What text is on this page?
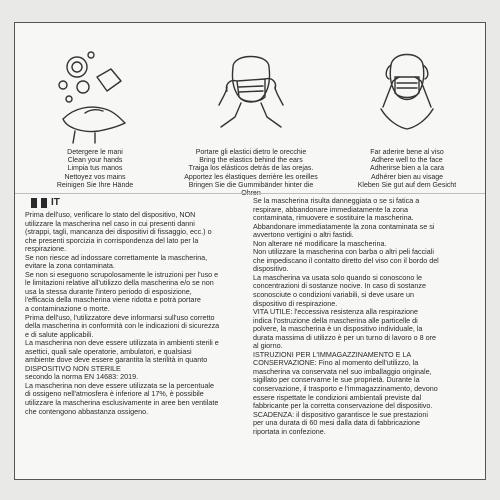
Detergere le mani
Clean your hands
Limpia tus manos
Nettoyez vos mains
Reinigen Sie Ihre Hände
Portare gli elastici dietro le orecchie
Bring the elastics behind the ears
Traiga los elásticos detrás de las orejas.
Apportez les élastiques derrière les oreilles
Bringen Sie die Gummibänder hinter die Ohren
Far aderire bene al viso
Adhere well to the face
Adherirse bien a la cara
Adhérer bien au visage
Kleben Sie gut auf dem Gesicht
IT
Prima dell'uso, verificare lo stato del dispositivo, NON
utilizzare la mascherina nel caso in cui presenti danni
(strappi, tagli, mancanza dei dispositivi di fissaggio, ecc.) o
che presenti sporcizia in corrispondenza del lato per la
respirazione.
Se non riesce ad indossare correttamente la mascherina,
evitare la zona contaminata.
Se non si eseguono scrupolosamente le istruzioni per l'uso e
le limitazioni relative all'utilizzo della mascherina e/o se non
usa la stessa durante l'intero periodo di esposizione,
l'efficacia della mascherina viene ridotta e potrà portare
a contaminazione o morte.
Prima dell'uso, l'utilizzatore deve informarsi sull'uso corretto
della mascherina in conformità con le indicazioni di sicurezza
e di salute applicabili.
La mascherina non deve essere utilizzata in ambienti sterili e
asettici, quali sale operatorie, ambulatori, e qualsiasi
ambiente dove deve essere garantita la sterilità in quanto
DISPOSITIVO NON STERILE
secondo la norma EN 14683: 2019.
La mascherina non deve essere utilizzata se la percentuale
di ossigeno nell'atmosfera è inferiore al 17%, è possibile
utilizzare la mascherina esclusivamente in aree ben ventilate
che contengono abbastanza ossigeno.
Se la mascherina risulta danneggiata o se si fatica a
respirare, abbandonare immediatamente la zona
contaminata, rimuovere e sostituire la mascherina.
Abbandonare immediatamente la zona contaminata se si
avvertono vertigini o altri fastidi.
Non alterare né modificare la mascherina.
Non utilizzare la mascherina con barba o altri peli facciali
che impediscano il contatto diretto del viso con il bordo del
dispositivo.
La mascherina va usata solo quando si conoscono le
concentrazioni di sostanze nocive. In caso di sostanze
sconosciute o condizioni variabili, si deve usare un
dispositivo di respirazione.
VITA UTILE: l'eccessiva resistenza alla respirazione
indica l'ostruzione della mascherina alle particelle di
polvere, la mascherina è un dispositivo individuale, la
durata massima di utilizzo è per un turno di lavoro o 8 ore
al giorno.
ISTRUZIONI PER L'IMMAGAZZINAMENTO E LA
CONSERVAZIONE: Fino al momento dell'utilizzo, la
mascherina va conservata nel suo imballaggio originale,
sigillato per conservarne le sue proprietà. Durante la
conservazione, il trasporto e l'immagazzinamento, devono
essere rispettate le condizioni ambientali previste dal
fabbricante per la corretta conservazione del dispositivo.
SCADENZA: il dispositivo garantisce le sue prestazioni
per una durata di 60 mesi dalla data di fabbricazione
riportata in confezione.
